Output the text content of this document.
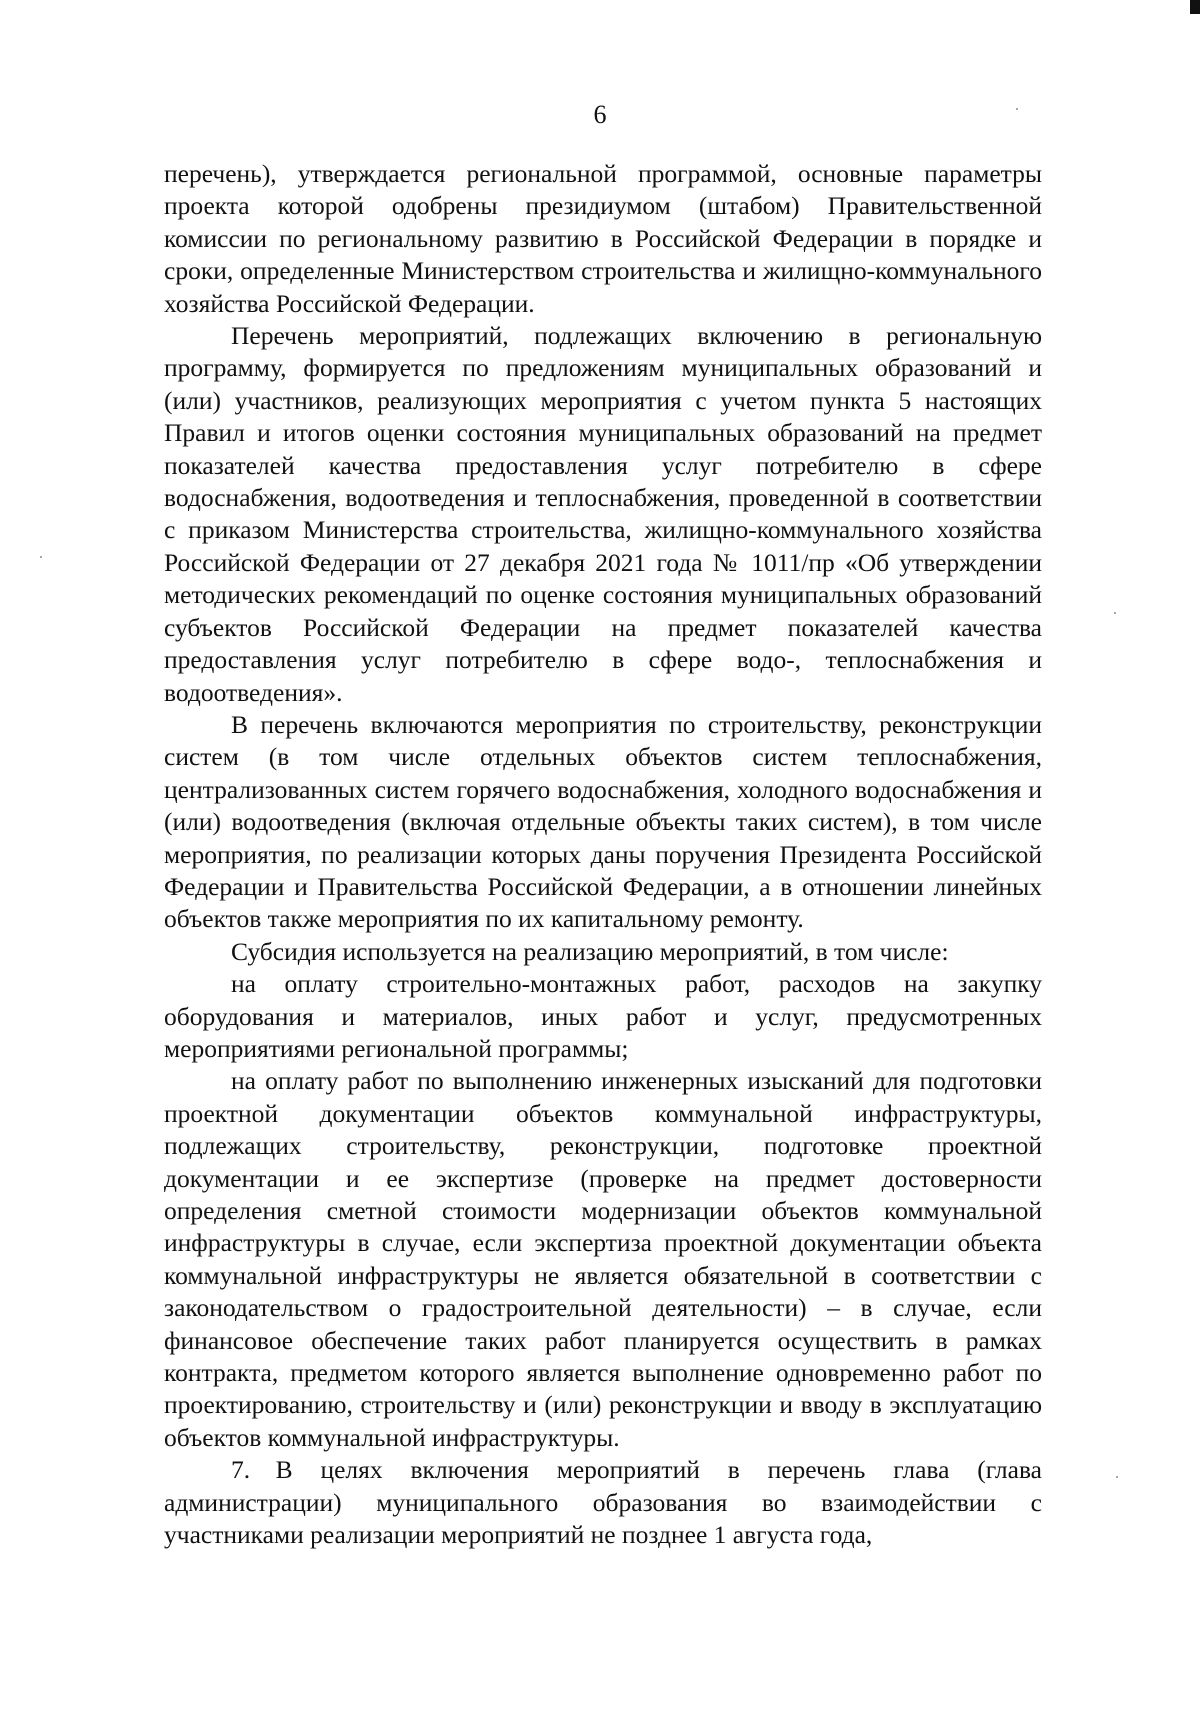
6

перечень), утверждается региональной программой, основные параметры проекта которой одобрены президиумом (штабом) Правительственной комиссии по региональному развитию в Российской Федерации в порядке и сроки, определенные Министерством строительства и жилищно-коммунального хозяйства Российской Федерации.

Перечень мероприятий, подлежащих включению в региональную программу, формируется по предложениям муниципальных образований и (или) участников, реализующих мероприятия с учетом пункта 5 настоящих Правил и итогов оценки состояния муниципальных образований на предмет показателей качества предоставления услуг потребителю в сфере водоснабжения, водоотведения и теплоснабжения, проведенной в соответствии с приказом Министерства строительства, жилищно-коммунального хозяйства Российской Федерации от 27 декабря 2021 года № 1011/пр «Об утверждении методических рекомендаций по оценке состояния муниципальных образований субъектов Российской Федерации на предмет показателей качества предоставления услуг потребителю в сфере водо-, теплоснабжения и водоотведения».

В перечень включаются мероприятия по строительству, реконструкции систем (в том числе отдельных объектов систем теплоснабжения, централизованных систем горячего водоснабжения, холодного водоснабжения и (или) водоотведения (включая отдельные объекты таких систем), в том числе мероприятия, по реализации которых даны поручения Президента Российской Федерации и Правительства Российской Федерации, а в отношении линейных объектов также мероприятия по их капитальному ремонту.

Субсидия используется на реализацию мероприятий, в том числе:

на оплату строительно-монтажных работ, расходов на закупку оборудования и материалов, иных работ и услуг, предусмотренных мероприятиями региональной программы;

на оплату работ по выполнению инженерных изысканий для подготовки проектной документации объектов коммунальной инфраструктуры, подлежащих строительству, реконструкции, подготовке проектной документации и ее экспертизе (проверке на предмет достоверности определения сметной стоимости модернизации объектов коммунальной инфраструктуры в случае, если экспертиза проектной документации объекта коммунальной инфраструктуры не является обязательной в соответствии с законодательством о градостроительной деятельности) – в случае, если финансовое обеспечение таких работ планируется осуществить в рамках контракта, предметом которого является выполнение одновременно работ по проектированию, строительству и (или) реконструкции и вводу в эксплуатацию объектов коммунальной инфраструктуры.

7. В целях включения мероприятий в перечень глава (глава администрации) муниципального образования во взаимодействии с участниками реализации мероприятий не позднее 1 августа года,
